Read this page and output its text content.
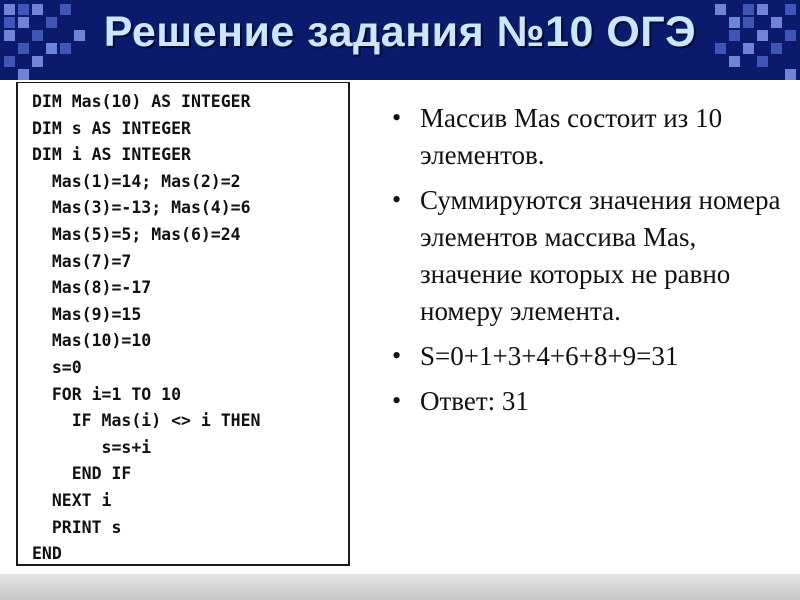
Решение задания №10 ОГЭ
DIM Mas(10) AS INTEGER
DIM s AS INTEGER
DIM i AS INTEGER
Mas(1)=14; Mas(2)=2
Mas(3)=-13; Mas(4)=6
Mas(5)=5; Mas(6)=24
Mas(7)=7
Mas(8)=-17
Mas(9)=15
Mas(10)=10
s=0
FOR i=1 TO 10
IF Mas(i) <> i THEN
s=s+i
END IF
NEXT i
PRINT s
END
• Массив Mas состоит из 10 элементов.
• Суммируются значения номера элементов массива Mas, значение которых не равно номеру элемента.
• S=0+1+3+4+6+8+9=31
• Ответ: 31
